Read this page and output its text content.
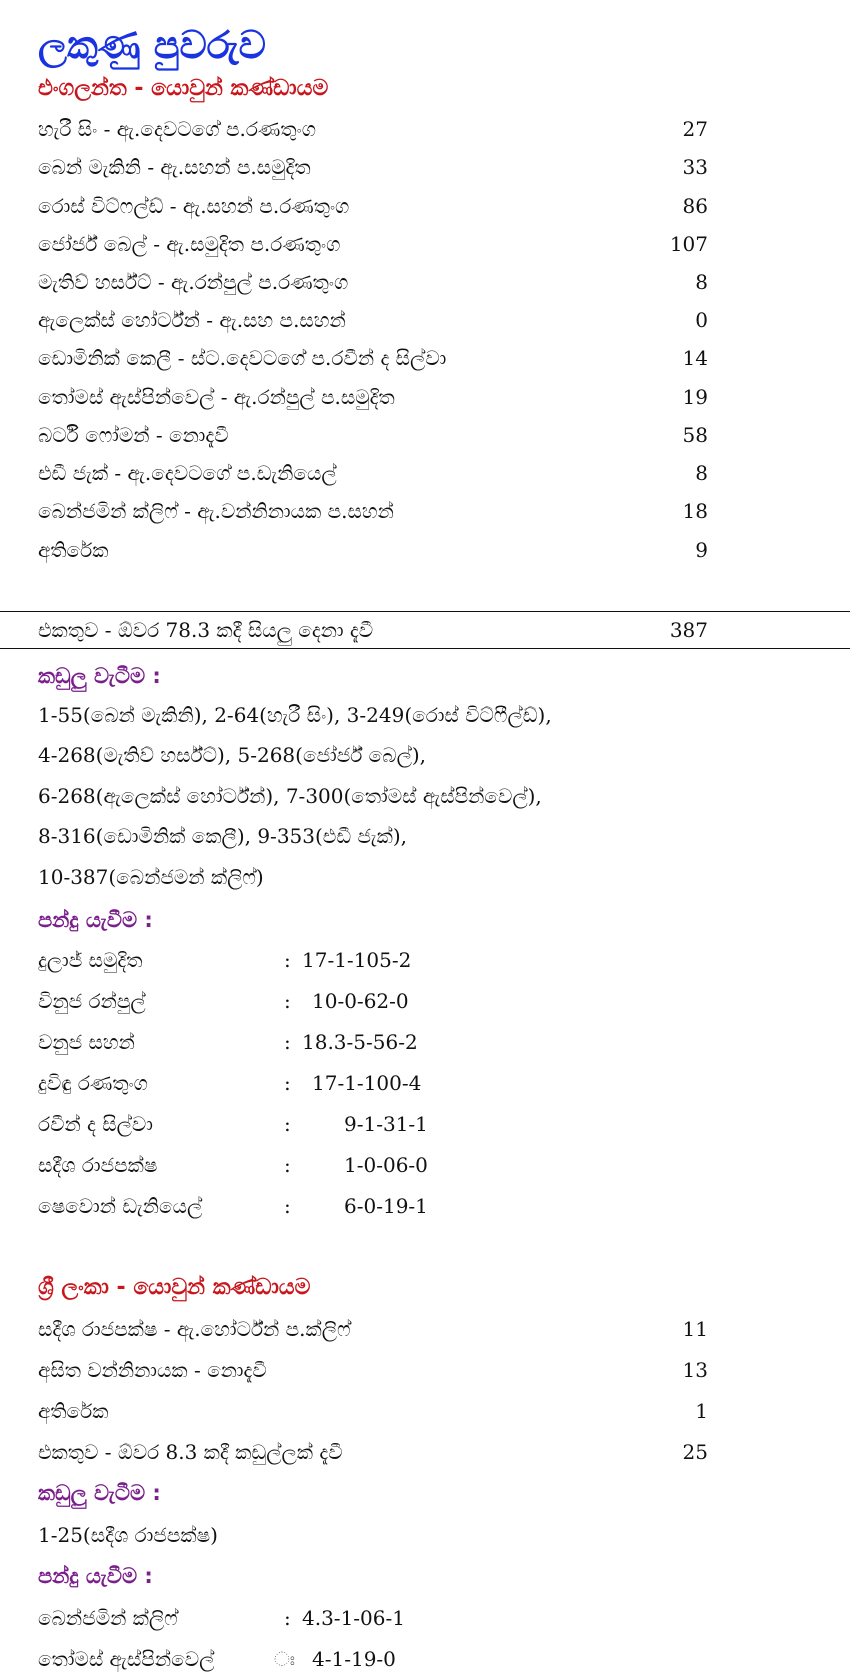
ලකුණු පුවරුව
එංගලන්ත - යොවුන් කණ්ඩායම
හැරී සිං - ඇ.දෙවටගේ ප.රණතුංග	27
බෙන් මැකිනි - ඇ.සහන් ප.සමුදිත	33
රොස් විට්ෆල්ඩ් - ඇ.සහන් ප.රණතුංග	86
ජෝර්ජ් බෙල් - ඇ.සමුදිත ප.රණතුංග	107
මැතිව් හර්ස්ට් - ඇ.රන්පුල් ප.රණතුංග	8
ඇලෙක්ස් හෝර්ට්න් - ඇ.සහ ප.සහන්	0
ඩොමිනික් කෙලී - ස්ට.දෙවටගේ ප.රවීන් ද සිල්වා	14
තෝමස් ඇස්පින්වෙල් - ඇ.රන්පුල් ප.සමුදිත	19
බර්ටි ෆෝමන් - නොදැවී	58
එඩී ජැක් - ඇ.දෙවටගේ ප.ඩැනියෙල්	8
බෙන්ජමින් ක්ලිෆ් - ඇ.වන්නිනායක ප.සහන්	18
අතිරේක	9
එකතුව - ඕවර 78.3 කදී සියලු දෙනා දැවී	387
කඩුලු වැටීම :
1-55(බෙන් මැකිනි), 2-64(හැරී සිං), 3-249(රොස් විට්ෆීල්ඩ්),
4-268(මැතිව් හර්ස්ට්), 5-268(ජෝර්ජ් බෙල්),
6-268(ඇලෙක්ස් හෝර්ට්න්), 7-300(තෝමස් ඇස්පින්වෙල්),
8-316(ඩොමිනික් කෙලී), 9-353(එඩී ජැක්),
10-387(බෙන්ජමන් ක්ලිෆ්)
පන්දු යැවීම :
දුලාජ් සමුදිත	: 17-1-105-2
විනුජ රන්පුල්	: 10-0-62-0
වනුජ සහන්	: 18.3-5-56-2
දුවිඳු රණතුංග	: 17-1-100-4
රවීන් ද සිල්වා	:	9-1-31-1
සදීශ රාජපක්ෂ	:	1-0-06-0
ෂෙවොන් ඩැනියෙල්	:	6-0-19-1
ශ්‍රී ලංකා - යොවුන් කණ්ඩායම
සදීශ රාජපක්ෂ - ඇ.හෝර්ට්න් ප.ක්ලිෆ්	11
අසිත වන්නිනායක - නොදැවී	13
අතිරේක	1
එකතුව - ඕවර 8.3 කදී කඩුල්ලක් දැවී	25
කඩුලු වැටීම :
1-25(සදීශ රාජපක්ෂ)
පන්දු යැවීම :
බෙන්ජමින් ක්ලිෆ්	: 4.3-1-06-1
තෝමස් ඇස්පින්වෙල්	ඃ 4-1-19-0
